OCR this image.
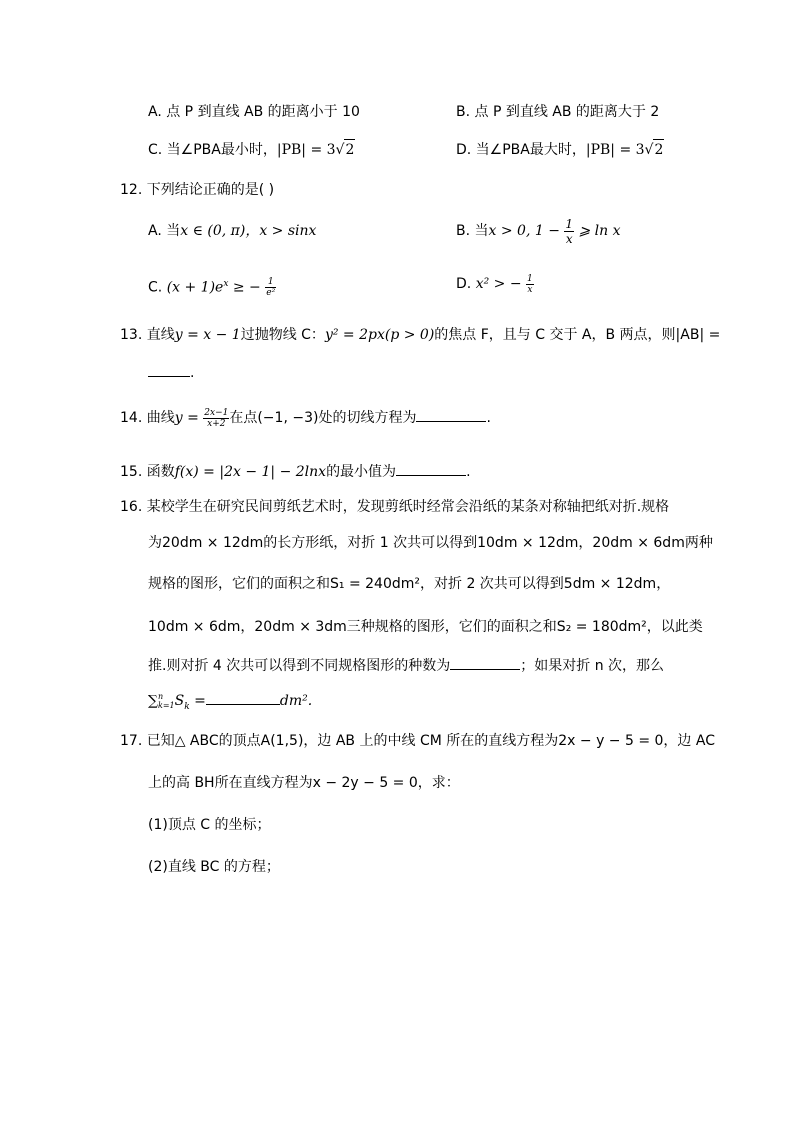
A. 点 P 到直线 AB 的距离小于 10	B. 点 P 到直线 AB 的距离大于 2
C. 当∠PBA最小时，|PB| = 3√2	D. 当∠PBA最大时，|PB| = 3√2
12. 下列结论正确的是( )
A. 当x ∈ (0, π)，x > sinx	B. 当x > 0, $1 - \frac{1}{x}$ ⩾ ln x
C. $(x + 1)e^x$ ≥ − $\frac{1}{\text{e²}}$	D. x² > − $\frac{1}{x}$
13. 直线y = x − 1过抛物线 C：y² = 2px(p > 0)的焦点 F，且与 C 交于 A，B 两点，则|AB| =
.
14. 曲线$y = \frac{2x-1}{x+2}$ 在点(−1, −3)处的切线方程为	.
15. 函数f(x) = |2x − 1| − 2lnx的最小值为	.
16. 某校学生在研究民间剪纸艺术时，发现剪纸时经常会沿纸的某条对称轴把纸对折.规格
为20dm × 12dm的长方形纸，对折 1 次共可以得到10dm × 12dm，20dm × 6dm两种
规格的图形，它们的面积之和S₁ = 240dm²，对折 2 次共可以得到5dm × 12dm，
10dm × 6dm，20dm × 3dm三种规格的图形，它们的面积之和S₂ = 180dm²，以此类
推.则对折 4 次共可以得到不同规格图形的种数为	；如果对折 n 次，那么
∑ n
k=1 $S_k$ =	dm².
17. 已知△ ABC的顶点A(1,5)，边 AB 上的中线 CM 所在的直线方程为2x − y − 5 = 0，边 AC
上的高 BH所在直线方程为x − 2y − 5 = 0，求：
(1)顶点 C 的坐标；
(2)直线 BC 的方程；
